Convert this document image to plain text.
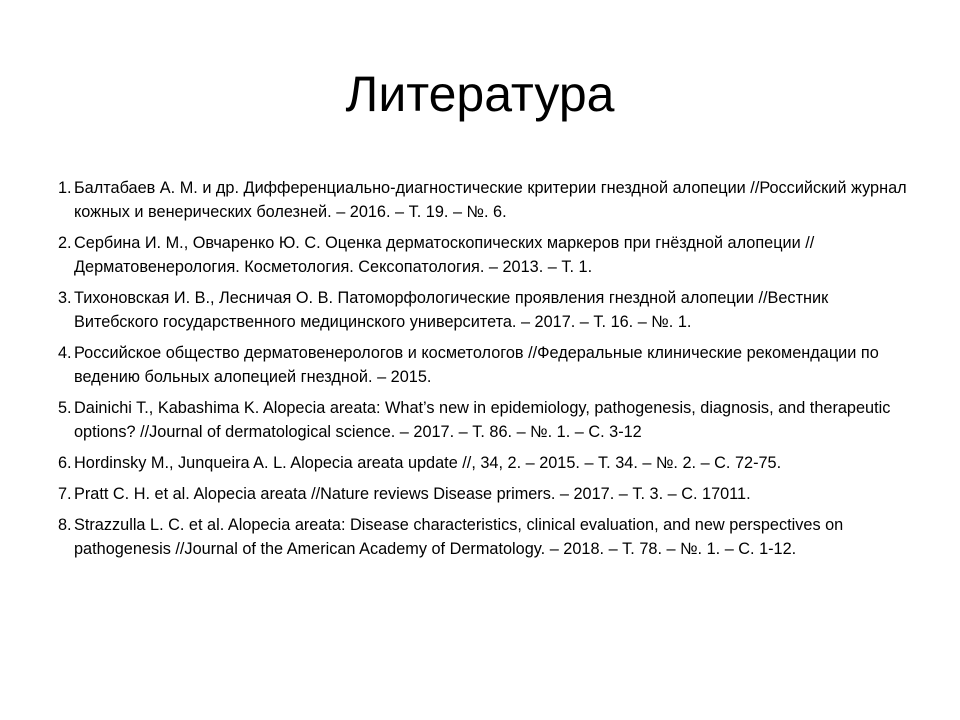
Литература
1. Балтабаев А. М. и др. Дифференциально-диагностические критерии гнездной алопеции //Российский журнал кожных и венерических болезней. – 2016. – Т. 19. – №. 6.
2. Сербина И. М., Овчаренко Ю. С. Оценка дерматоскопических маркеров при гнёздной алопеции //Дерматовенерология. Косметология. Сексопатология. – 2013. – Т. 1.
3. Тихоновская И. В., Лесничая О. В. Патоморфологические проявления гнездной алопеции //Вестник Витебского государственного медицинского университета. – 2017. – Т. 16. – №. 1.
4. Российское общество дерматовенерологов и косметологов //Федеральные клинические рекомендации по ведению больных алопецией гнездной. – 2015.
5. Dainichi T., Kabashima K. Alopecia areata: What’s new in epidemiology, pathogenesis, diagnosis, and therapeutic options? //Journal of dermatological science. – 2017. – Т. 86. – №. 1. – С. 3-12
6. Hordinsky M., Junqueira A. L. Alopecia areata update //, 34, 2. – 2015. – Т. 34. – №. 2. – С. 72-75.
7. Pratt C. H. et al. Alopecia areata //Nature reviews Disease primers. – 2017. – Т. 3. – С. 17011.
8. Strazzulla L. C. et al. Alopecia areata: Disease characteristics, clinical evaluation, and new perspectives on pathogenesis //Journal of the American Academy of Dermatology. – 2018. – Т. 78. – №. 1. – С. 1-12.
